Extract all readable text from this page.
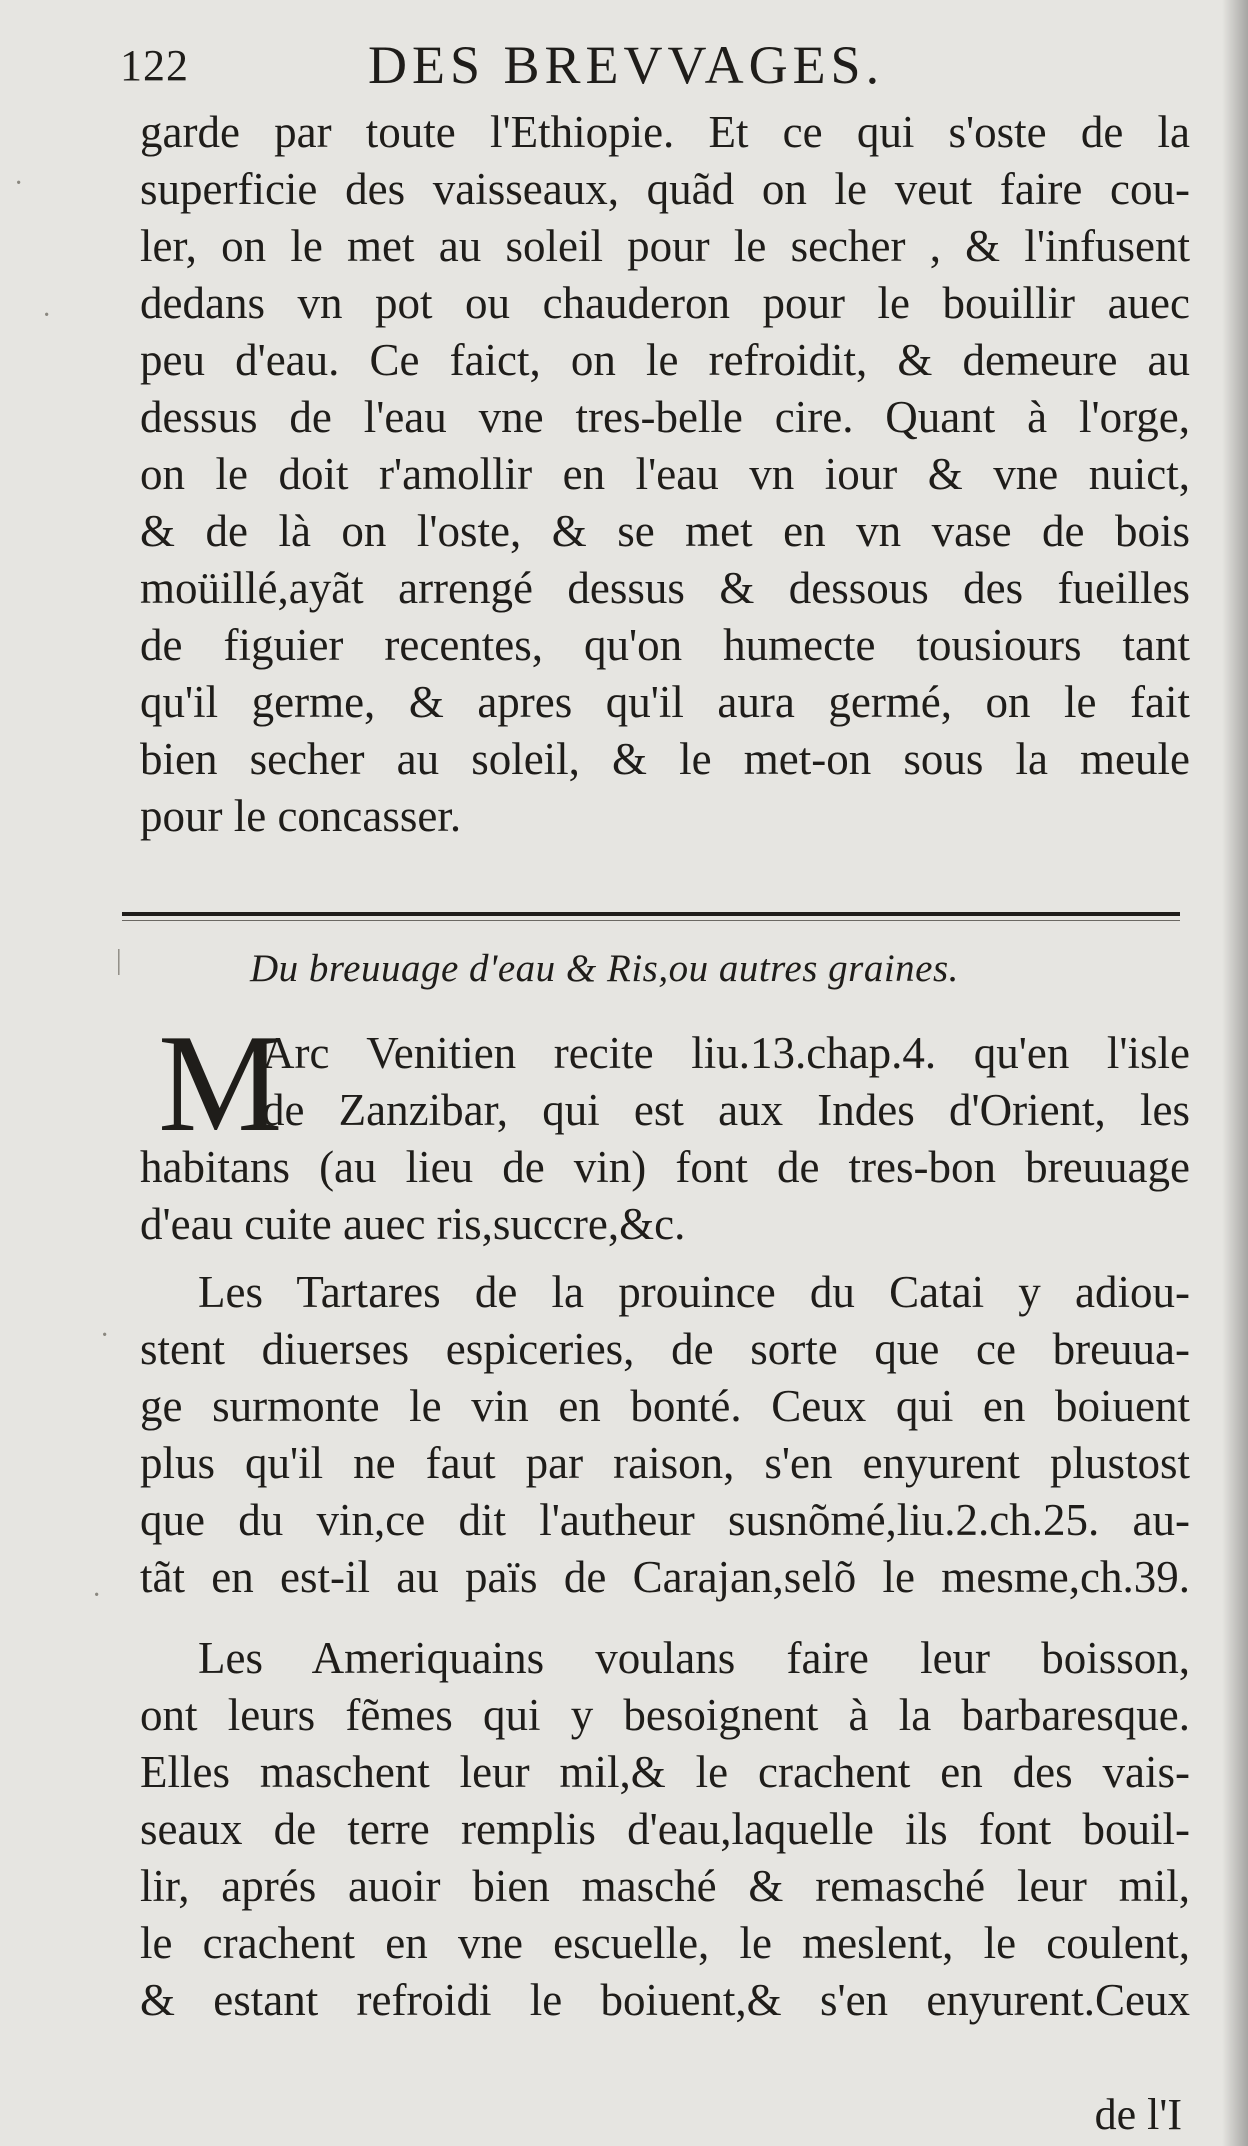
·
·
·
·
|
122	DES BREVVAGES.
garde par toute l'Ethiopie. Et ce qui s'oste de la
superficie des vaisseaux, quãd on le veut faire cou-
ler, on le met au soleil pour le secher , & l'infusent
dedans vn pot ou chauderon pour le bouillir auec
peu d'eau. Ce faict, on le refroidit, & demeure au
dessus de l'eau vne tres-belle cire. Quant à l'orge,
on le doit r'amollir en l'eau vn iour & vne nuict,
& de là on l'oste, & se met en vn vase de bois
moüillé,ayãt arrengé dessus & dessous des fueilles
de figuier recentes, qu'on humecte tousiours tant
qu'il germe, & apres qu'il aura germé, on le fait
bien secher au soleil, & le met-on sous la meule
pour le concasser.
Du breuuage d'eau & Ris,ou autres graines.
M
Arc Venitien recite liu.13.chap.4. qu'en l'isle
de Zanzibar, qui est aux Indes d'Orient, les
habitans (au lieu de vin) font de tres-bon breuuage
d'eau cuite auec ris,succre,&c.
Les Tartares de la prouince du Catai y adiou-
stent diuerses espiceries, de sorte que ce breuua-
ge surmonte le vin en bonté. Ceux qui en boiuent
plus qu'il ne faut par raison, s'en enyurent plustost
que du vin,ce dit l'autheur susnõmé,liu.2.ch.25. au-
tãt en est-il au païs de Carajan,selõ le mesme,ch.39.
Les Ameriquains voulans faire leur boisson,
ont leurs fẽmes qui y besoignent à la barbaresque.
Elles maschent leur mil,& le crachent en des vais-
seaux de terre remplis d'eau,laquelle ils font bouil-
lir, aprés auoir bien masché & remasché leur mil,
le crachent en vne escuelle, le meslent, le coulent,
& estant refroidi le boiuent,& s'en enyurent.Ceux
de l'I
